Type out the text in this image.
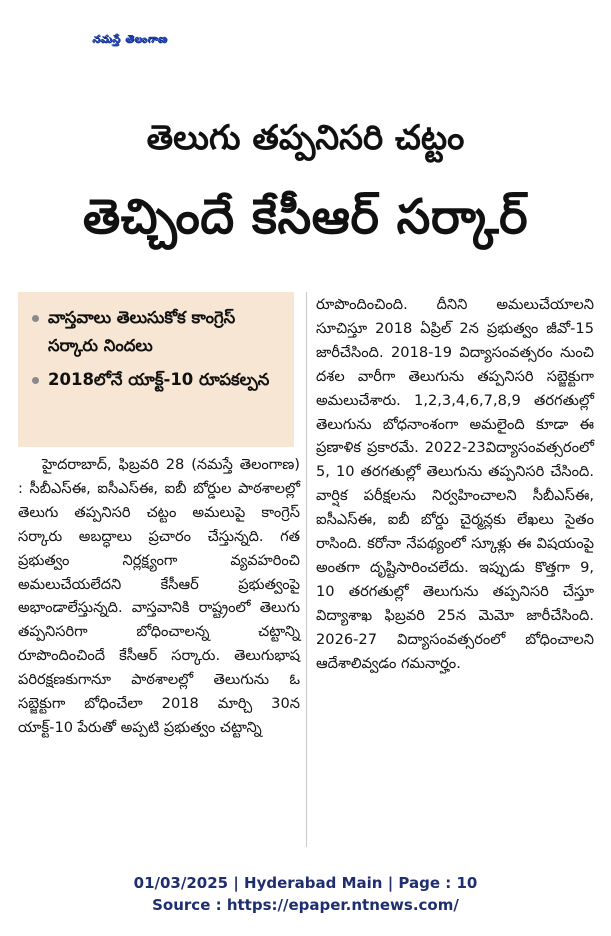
నమస్తే తెలంగాణ
తెలుగు తప్పనిసరి చట్టం
తెచ్చిందే కేసీఆర్ సర్కార్
వాస్తవాలు తెలుసుకోక కాంగ్రెస్ సర్కారు నిందలు
2018లోనే యాక్ట్-10 రూపకల్పన
హైదరాబాద్, ఫిబ్రవరి 28 (నమస్తే తెలంగాణ) : సీబీఎస్ఈ, ఐసీఎస్ఈ, ఐబీ బోర్డుల పాఠశాలల్లో తెలుగు తప్పనిసరి చట్టం అమలుపై కాంగ్రెస్ సర్కారు అబద్ధాలు ప్రచారం చేస్తున్నది. గత ప్రభుత్వం నిర్లక్ష్యంగా వ్యవహరించి అమలుచేయలేదని కేసీఆర్ ప్రభుత్వంపై అభాండాలేస్తున్నది. వాస్తవానికి రాష్ట్రంలో తెలుగు తప్పనిసరిగా బోధించాలన్న చట్టాన్ని రూపొందించిందే కేసీఆర్ సర్కారు. తెలుగుభాష పరిరక్షణకుగానూ పాఠశాలల్లో తెలుగును ఓ సబ్జెక్టుగా బోధించేలా 2018 మార్చి 30న యాక్ట్-10 పేరుతో అప్పటి ప్రభుత్వం చట్టాన్ని
రూపొందించింది. దీనిని అమలుచేయాలని సూచిస్తూ 2018 ఏప్రిల్ 2న ప్రభుత్వం జీవో-15 జారీచేసింది. 2018-19 విద్యాసంవత్సరం నుంచి దశల వారీగా తెలుగును తప్పనిసరి సబ్జెక్టుగా అమలుచేశారు. 1,2,3,4,6,7,8,9 తరగతుల్లో తెలుగును బోధనాంశంగా అమలైంది కూడా ఈ ప్రణాళిక ప్రకారమే. 2022-23విద్యాసంవత్సరంలో 5, 10 తరగతుల్లో తెలుగును తప్పనిసరి చేసింది. వార్షిక పరీక్షలను నిర్వహించాలని సీబీఎస్ఈ, ఐసీఎస్ఈ, ఐబీ బోర్డు చైర్మన్లకు లేఖలు సైతం రాసింది. కరోనా నేపథ్యంలో స్కూళ్లు ఈ విషయంపై అంతగా దృష్టిసారించలేదు. ఇప్పుడు కొత్తగా 9, 10 తరగతుల్లో తెలుగును తప్పనిసరి చేస్తూ విద్యాశాఖ ఫిబ్రవరి 25న మెమో జారీచేసింది. 2026-27 విద్యాసంవత్సరంలో బోధించాలని ఆదేశాలివ్వడం గమనార్హం.
01/03/2025 | Hyderabad Main | Page : 10
Source : https://epaper.ntnews.com/
